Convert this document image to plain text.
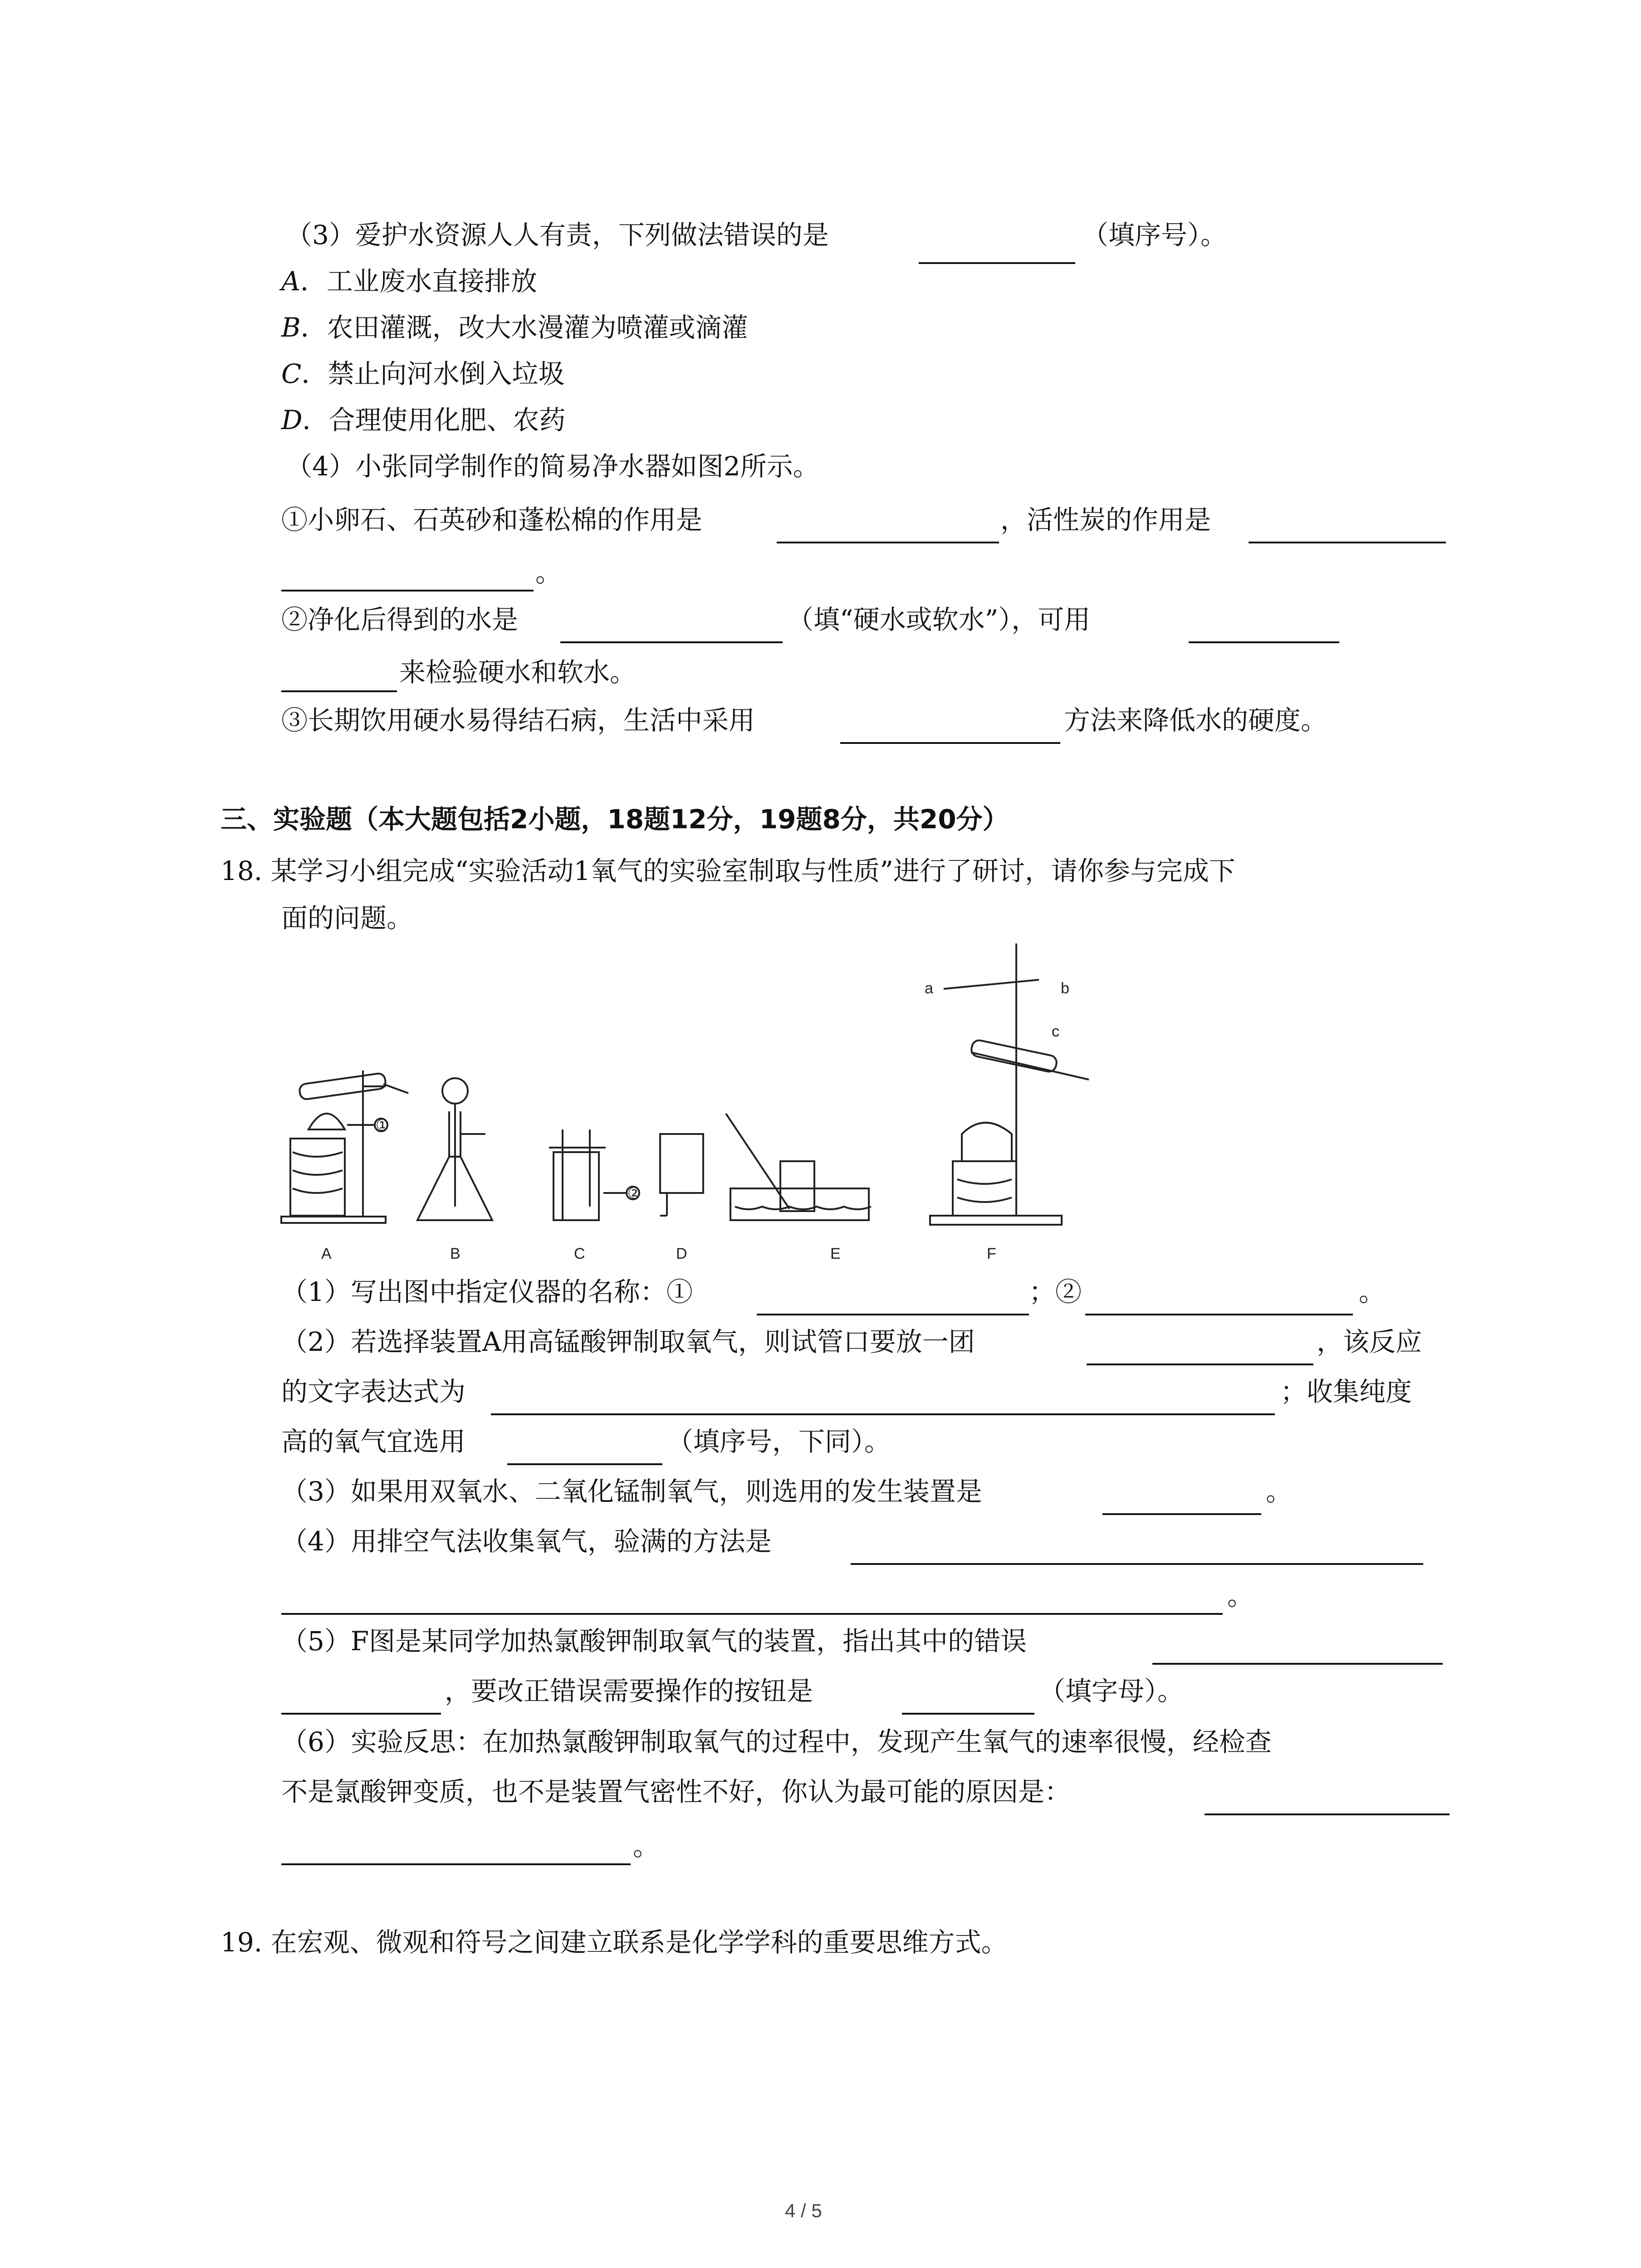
（3）爱护水资源人人有责，下列做法错误的是	（填序号）。
A．工业废水直接排放
B．农田灌溉，改大水漫灌为喷灌或滴灌
C．禁止向河水倒入垃圾
D．合理使用化肥、农药
（4）小张同学制作的简易净水器如图2所示。
①小卵石、石英砂和蓬松棉的作用是	，活性炭的作用是
。
②净化后得到的水是	（填“硬水或软水”），可用
来检验硬水和软水。
③长期饮用硬水易得结石病，生活中采用	方法来降低水的硬度。
三、实验题（本大题包括2小题，18题12分，19题8分，共20分）
18. 某学习小组完成“实验活动1氧气的实验室制取与性质”进行了研讨，请你参与完成下
面的问题。
A	B	C	D	E	F
a	b
c
①
②
（1）写出图中指定仪器的名称：①	；②	。
（2）若选择装置A用高锰酸钾制取氧气，则试管口要放一团	，该反应
的文字表达式为	；收集纯度
高的氧气宜选用	（填序号，下同）。
（3）如果用双氧水、二氧化锰制氧气，则选用的发生装置是	。
（4）用排空气法收集氧气，验满的方法是
。
（5）F图是某同学加热氯酸钾制取氧气的装置，指出其中的错误
，要改正错误需要操作的按钮是	（填字母）。
（6）实验反思：在加热氯酸钾制取氧气的过程中，发现产生氧气的速率很慢，经检查
不是氯酸钾变质，也不是装置气密性不好，你认为最可能的原因是：
。
19. 在宏观、微观和符号之间建立联系是化学学科的重要思维方式。
4 / 5
